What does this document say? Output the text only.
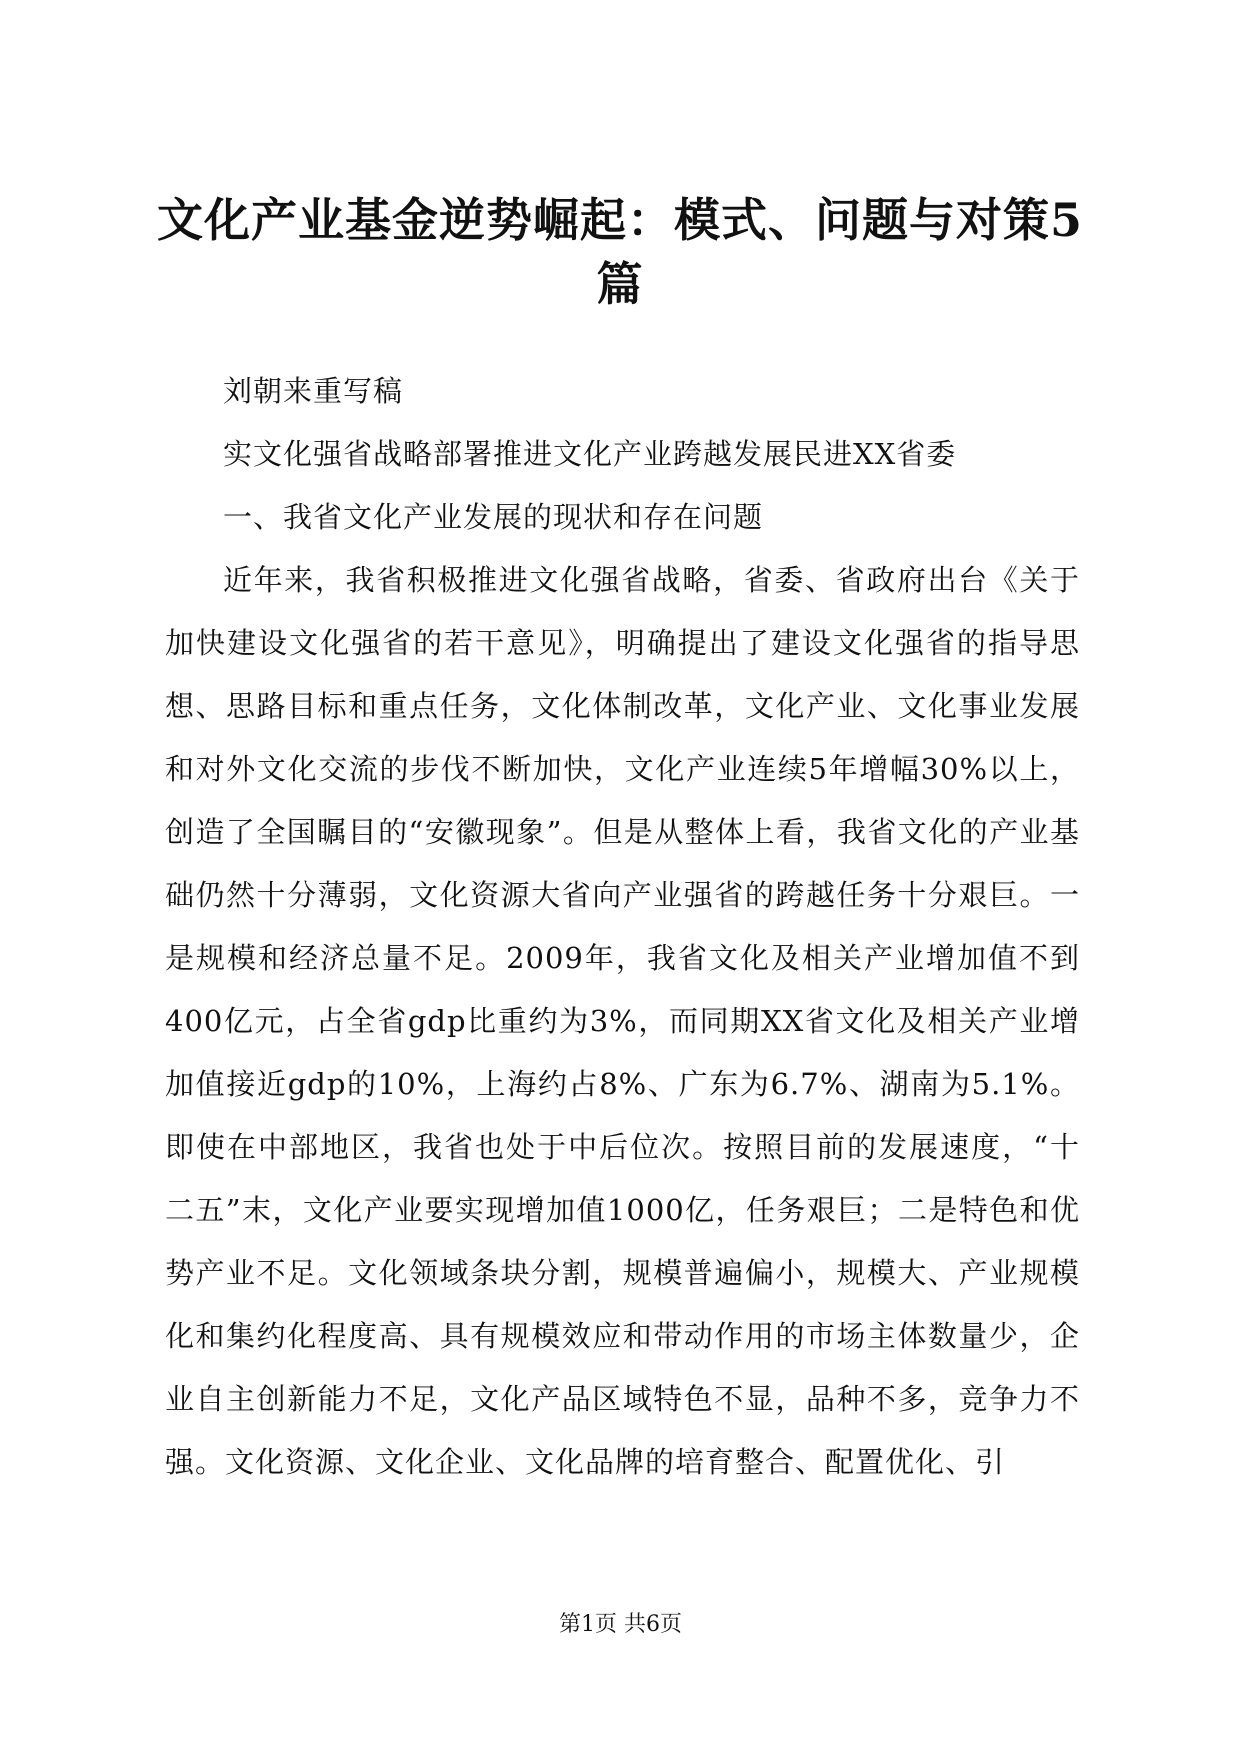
文化产业基金逆势崛起：模式、问题与对策5篇

刘朝来重写稿

实文化强省战略部署推进文化产业跨越发展民进XX省委

一、我省文化产业发展的现状和存在问题

近年来，我省积极推进文化强省战略，省委、省政府出台《关于加快建设文化强省的若干意见》，明确提出了建设文化强省的指导思想、思路目标和重点任务，文化体制改革，文化产业、文化事业发展和对外文化交流的步伐不断加快，文化产业连续5年增幅30%以上，创造了全国瞩目的“安徽现象”。但是从整体上看，我省文化的产业基础仍然十分薄弱，文化资源大省向产业强省的跨越任务十分艰巨。一是规模和经济总量不足。2009年，我省文化及相关产业增加值不到400亿元，占全省gdp比重约为3%，而同期XX省文化及相关产业增加值接近gdp的10%，上海约占8%、广东为6.7%、湖南为5.1%。即使在中部地区，我省也处于中后位次。按照目前的发展速度，“十二五”末，文化产业要实现增加值1000亿，任务艰巨；二是特色和优势产业不足。文化领域条块分割，规模普遍偏小，规模大、产业规模化和集约化程度高、具有规模效应和带动作用的市场主体数量少，企业自主创新能力不足，文化产品区域特色不显，品种不多，竞争力不强。文化资源、文化企业、文化品牌的培育整合、配置优化、引

第1页 共6页
